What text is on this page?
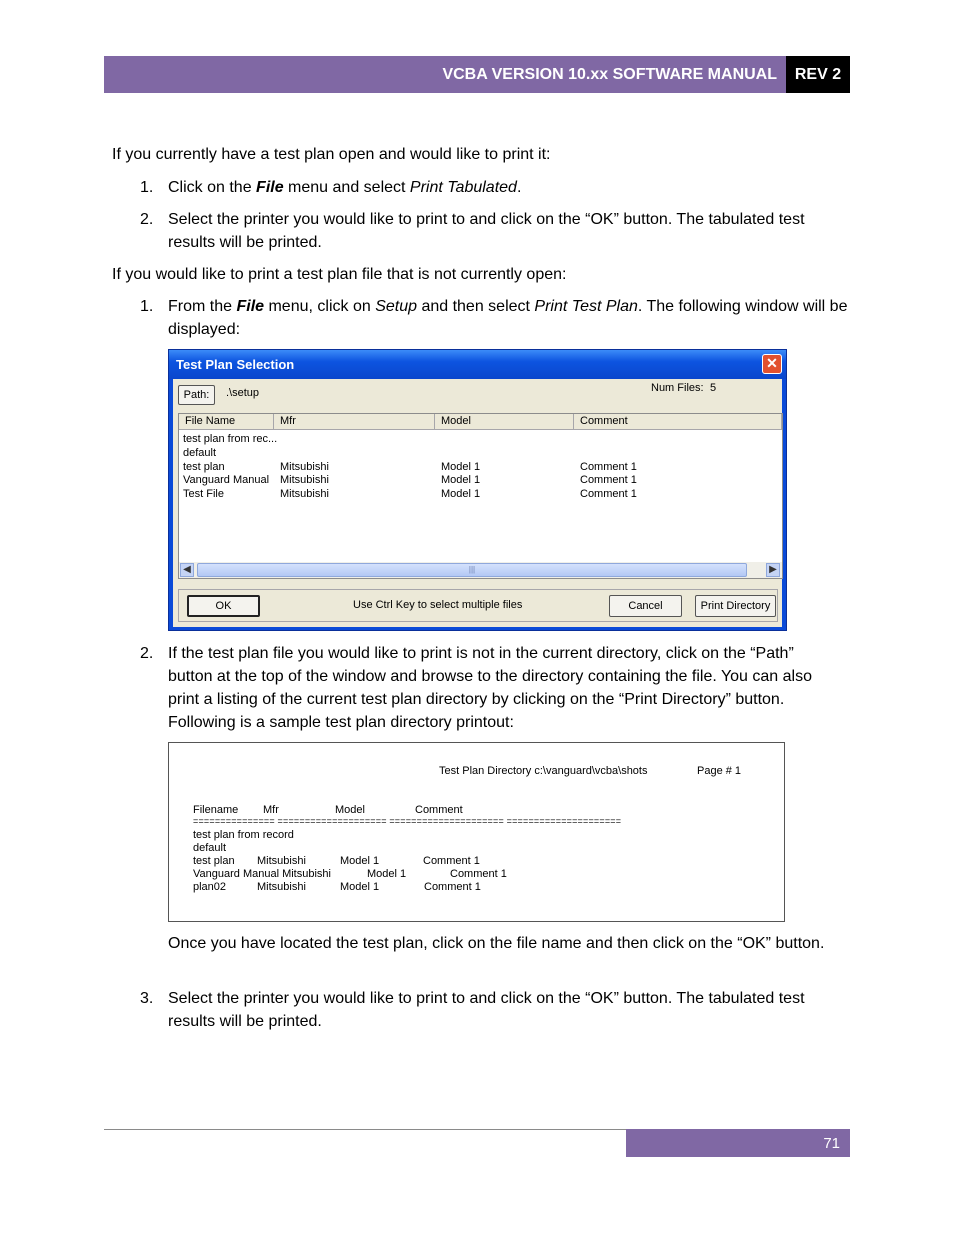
VCBA VERSION 10.xx SOFTWARE MANUAL	REV 2
If you currently have a test plan open and would like to print it:
1. Click on the File menu and select Print Tabulated.
2. Select the printer you would like to print to and click on the “OK” button. The tabulated test results will be printed.
If you would like to print a test plan file that is not currently open:
1. From the File menu, click on Setup and then select Print Test Plan. The following window will be displayed:
Test Plan Selection	✕
Path:	.\setup	Num Files: 5
File Name	Mfr	Model	Comment
test plan from rec...
default
test plan	Mitsubishi	Model 1	Comment 1
Vanguard Manual Mitsubishi	Model 1	Comment 1
Test File	Mitsubishi	Model 1	Comment 1
◀	|||	▶
OK	Use Ctrl Key to select multiple files	Cancel	Print Directory
2. If the test plan file you would like to print is not in the current directory, click on the “Path” button at the top of the window and browse to the directory containing the file. You can also print a listing of the current test plan directory by clicking on the “Print Directory” button. Following is a sample test plan directory printout:
Test Plan Directory c:\vanguard\vcba\shots	Page # 1
Filename Mfr	Model	Comment
=============== ==================== ===================== =====================
test plan from record
default
test plan Mitsubishi	Model 1	Comment 1
Vanguard Manual Mitsubishi	Model 1	Comment 1
plan02	Mitsubishi	Model 1	Comment 1
Once you have located the test plan, click on the file name and then click on the “OK” button.
3. Select the printer you would like to print to and click on the “OK” button. The tabulated test results will be printed.
71
